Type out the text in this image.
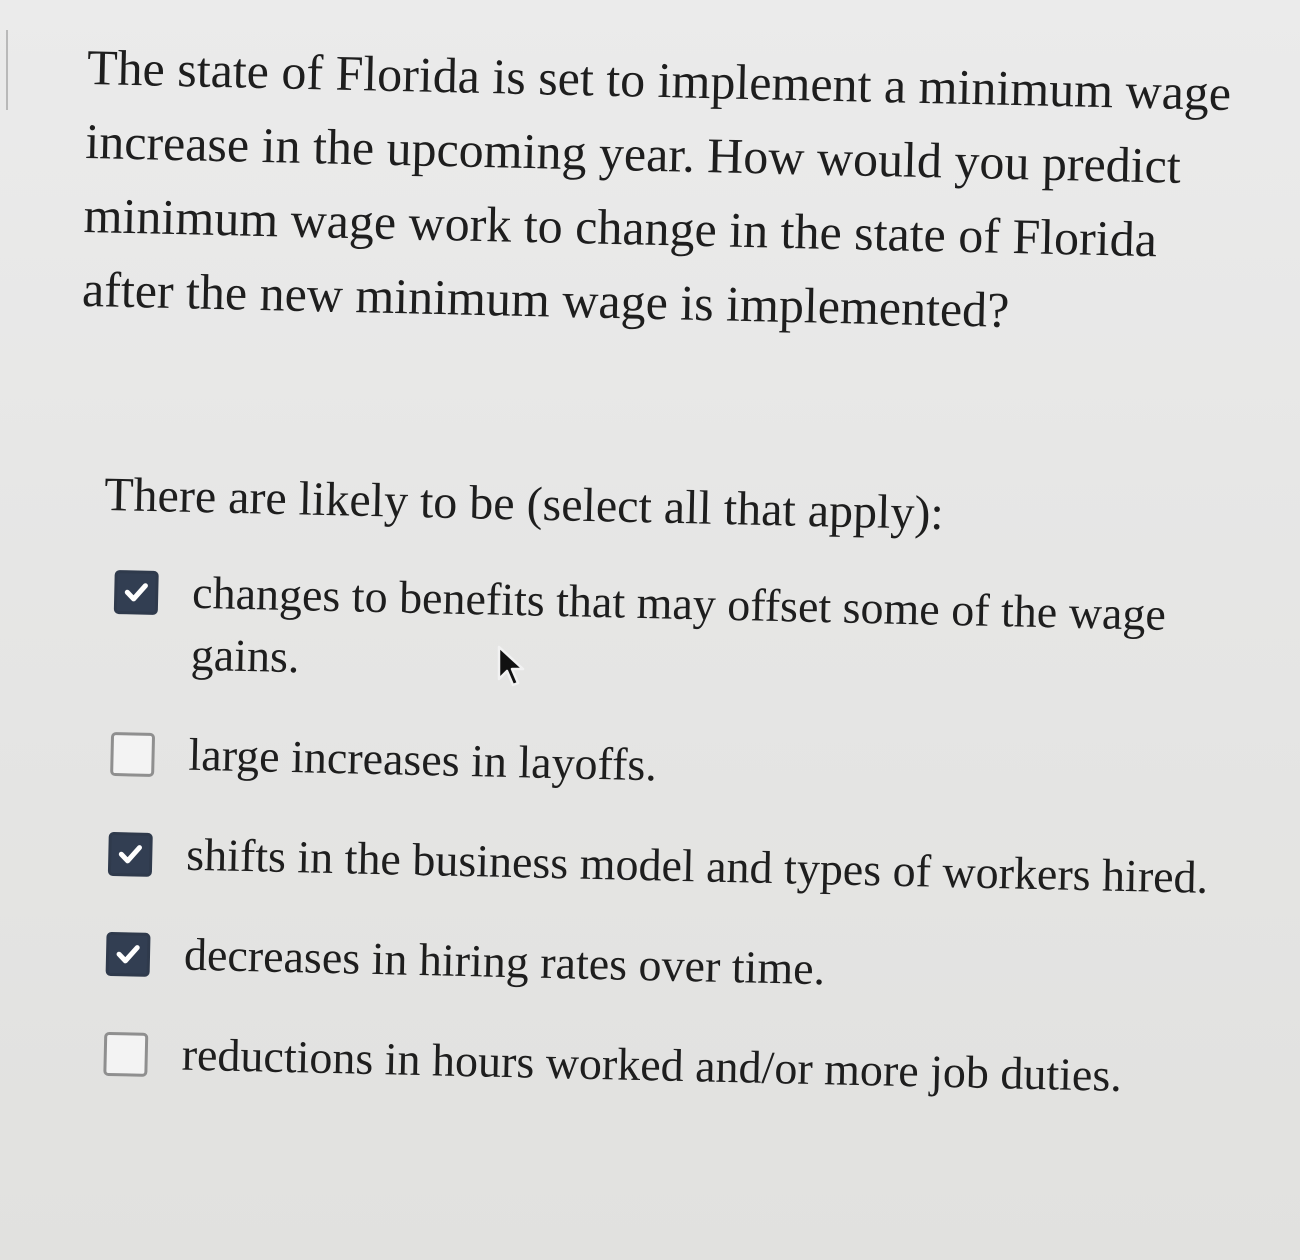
The state of Florida is set to implement a minimum wage increase in the upcoming year. How would you predict minimum wage work to change in the state of Florida after the new minimum wage is implemented?

There are likely to be (select all that apply):

changes to benefits that may offset some of the wage gains.
large increases in layoffs.
shifts in the business model and types of workers hired.
decreases in hiring rates over time.
reductions in hours worked and/or more job duties.
